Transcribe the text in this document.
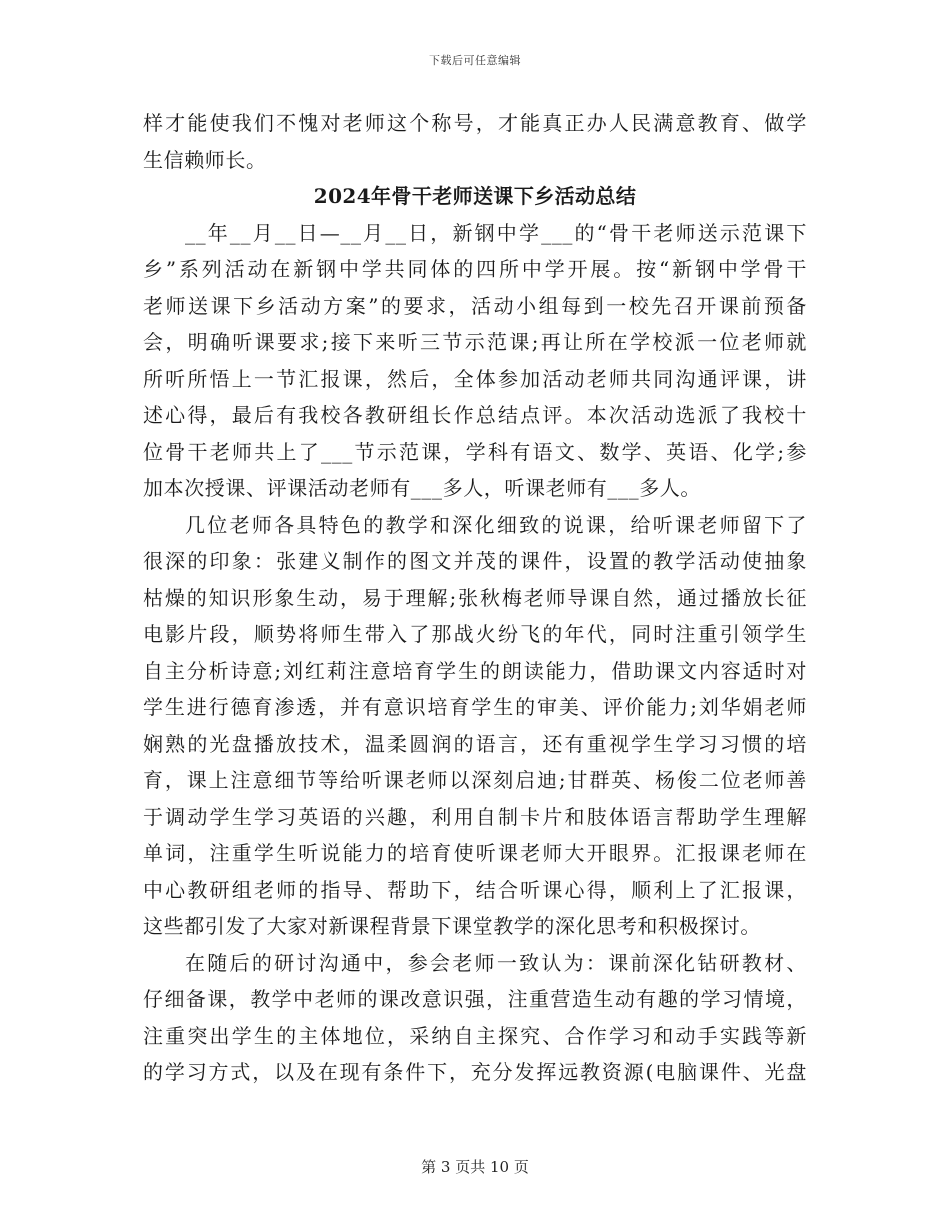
下载后可任意编辑
样才能使我们不愧对老师这个称号，才能真正办人民满意教育、做学
生信赖师长。
2024年骨干老师送课下乡活动总结
__年__月__日—__月__日，新钢中学___的“骨干老师送示范课下
乡”系列活动在新钢中学共同体的四所中学开展。按“新钢中学骨干
老师送课下乡活动方案”的要求，活动小组每到一校先召开课前预备
会，明确听课要求;接下来听三节示范课;再让所在学校派一位老师就
所听所悟上一节汇报课，然后，全体参加活动老师共同沟通评课，讲
述心得，最后有我校各教研组长作总结点评。本次活动选派了我校十
位骨干老师共上了___节示范课，学科有语文、数学、英语、化学;参
加本次授课、评课活动老师有___多人，听课老师有___多人。
几位老师各具特色的教学和深化细致的说课，给听课老师留下了
很深的印象：张建义制作的图文并茂的课件，设置的教学活动使抽象
枯燥的知识形象生动，易于理解;张秋梅老师导课自然，通过播放长征
电影片段，顺势将师生带入了那战火纷飞的年代，同时注重引领学生
自主分析诗意;刘红莉注意培育学生的朗读能力，借助课文内容适时对
学生进行德育渗透，并有意识培育学生的审美、评价能力;刘华娟老师
娴熟的光盘播放技术，温柔圆润的语言，还有重视学生学习习惯的培
育，课上注意细节等给听课老师以深刻启迪;甘群英、杨俊二位老师善
于调动学生学习英语的兴趣，利用自制卡片和肢体语言帮助学生理解
单词，注重学生听说能力的培育使听课老师大开眼界。汇报课老师在
中心教研组老师的指导、帮助下，结合听课心得，顺利上了汇报课，
这些都引发了大家对新课程背景下课堂教学的深化思考和积极探讨。
在随后的研讨沟通中，参会老师一致认为：课前深化钻研教材、
仔细备课，教学中老师的课改意识强，注重营造生动有趣的学习情境，
注重突出学生的主体地位，采纳自主探究、合作学习和动手实践等新
的学习方式，以及在现有条件下，充分发挥远教资源(电脑课件、光盘
第 3 页共 10 页
